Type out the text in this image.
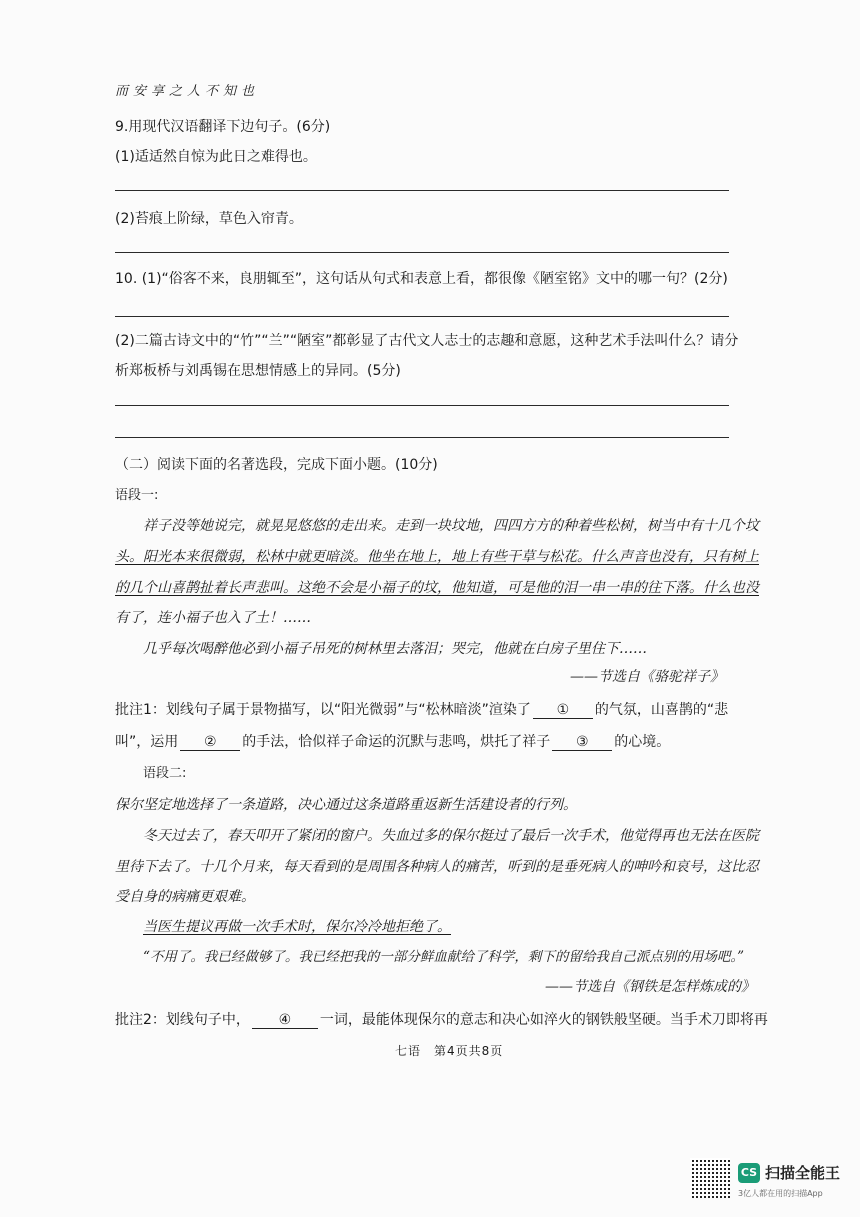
而安享之人不知也
9.用现代汉语翻译下边句子。(6分)
(1)适适然自惊为此日之难得也。
(2)苔痕上阶绿，草色入帘青。
10. (1)“俗客不来，良朋辄至”，这句话从句式和表意上看，都很像《陋室铭》文中的哪一句？(2分)
(2)二篇古诗文中的“竹”“兰”“陋室”都彰显了古代文人志士的志趣和意愿，这种艺术手法叫什么？请分
析郑板桥与刘禹锡在思想情感上的异同。(5分)
（二）阅读下面的名著选段，完成下面小题。(10分)
语段一:
祥子没等她说完，就晃晃悠悠的走出来。走到一块坟地，四四方方的种着些松树，树当中有十几个坟
头。阳光本来很微弱，松林中就更暗淡。他坐在地上，地上有些干草与松花。什么声音也没有，只有树上
的几个山喜鹊扯着长声悲叫。这绝不会是小福子的坟，他知道，可是他的泪一串一串的往下落。什么也没
有了，连小福子也入了土！……
几乎每次喝醉他必到小福子吊死的树林里去落泪；哭完，他就在白房子里住下……
——节选自《骆驼祥子》
批注1：划线句子属于景物描写，以“阳光微弱”与“松林暗淡”渲染了 ① 的气氛，山喜鹊的“悲
叫”，运用 ② 的手法，恰似祥子命运的沉默与悲鸣，烘托了祥子 ③ 的心境。
语段二:
保尔坚定地选择了一条道路，决心通过这条道路重返新生活建设者的行列。
冬天过去了，春天叩开了紧闭的窗户。失血过多的保尔挺过了最后一次手术，他觉得再也无法在医院
里待下去了。十几个月来，每天看到的是周围各种病人的痛苦，听到的是垂死病人的呻吟和哀号，这比忍
受自身的病痛更艰难。
当医生提议再做一次手术时，保尔冷冷地拒绝了。
“不用了。我已经做够了。我已经把我的一部分鲜血献给了科学，剩下的留给我自己派点别的用场吧。”
——节选自《钢铁是怎样炼成的》
批注2：划线句子中， ④ 一词，最能体现保尔的意志和决心如淬火的钢铁般坚硬。当手术刀即将再
七语　第4页共8页
CS 扫描全能王
3亿人都在用的扫描App
